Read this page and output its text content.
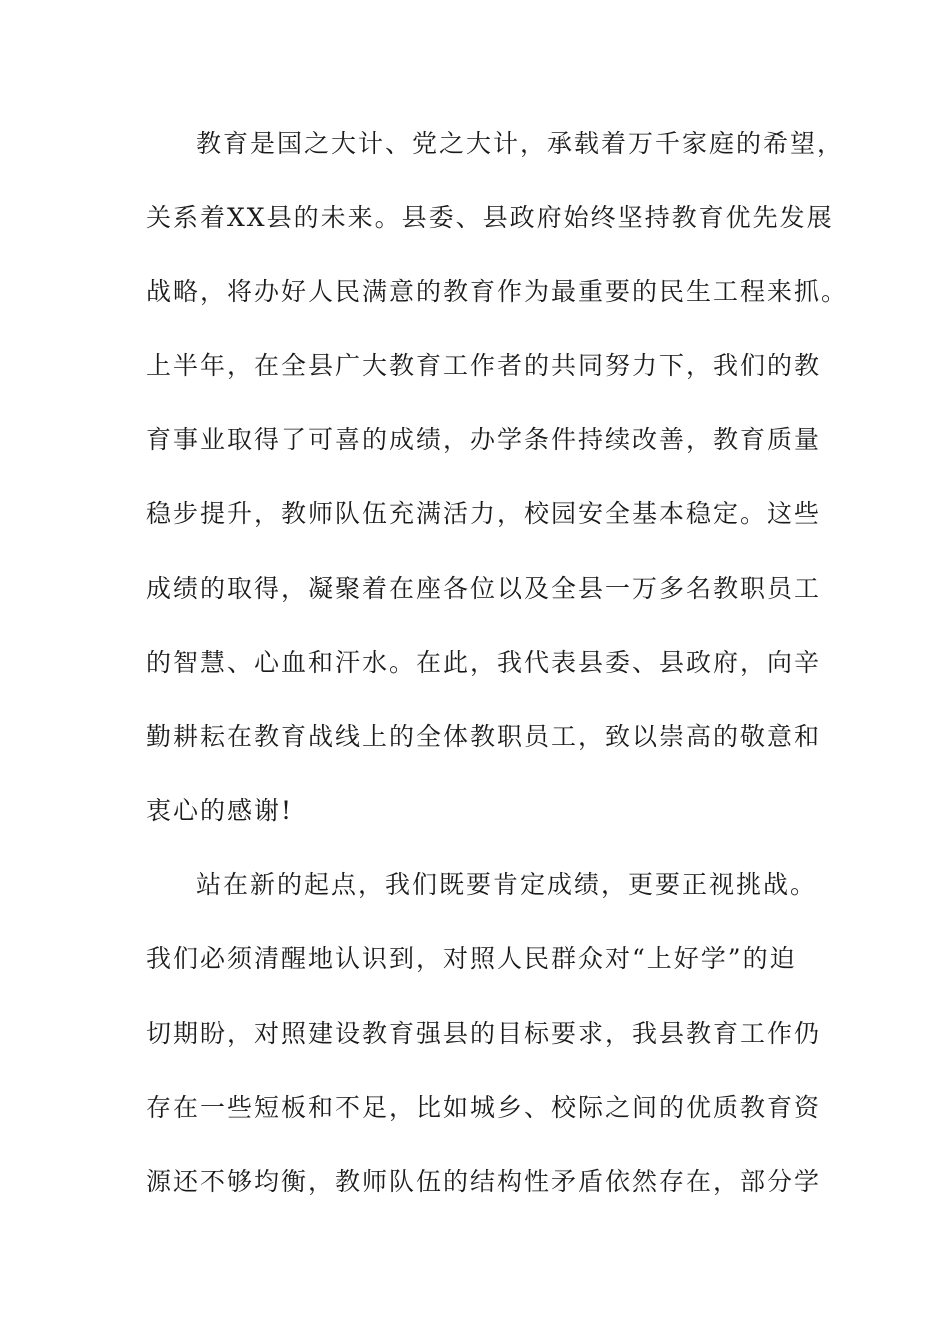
教育是国之大计、党之大计，承载着万千家庭的希望，
关系着XX县的未来。县委、县政府始终坚持教育优先发展
战略，将办好人民满意的教育作为最重要的民生工程来抓。
上半年，在全县广大教育工作者的共同努力下，我们的教
育事业取得了可喜的成绩，办学条件持续改善，教育质量
稳步提升，教师队伍充满活力，校园安全基本稳定。这些
成绩的取得，凝聚着在座各位以及全县一万多名教职员工
的智慧、心血和汗水。在此，我代表县委、县政府，向辛
勤耕耘在教育战线上的全体教职员工，致以崇高的敬意和
衷心的感谢!
站在新的起点，我们既要肯定成绩，更要正视挑战。
我们必须清醒地认识到，对照人民群众对“上好学”的迫
切期盼，对照建设教育强县的目标要求，我县教育工作仍
存在一些短板和不足，比如城乡、校际之间的优质教育资
源还不够均衡，教师队伍的结构性矛盾依然存在，部分学
